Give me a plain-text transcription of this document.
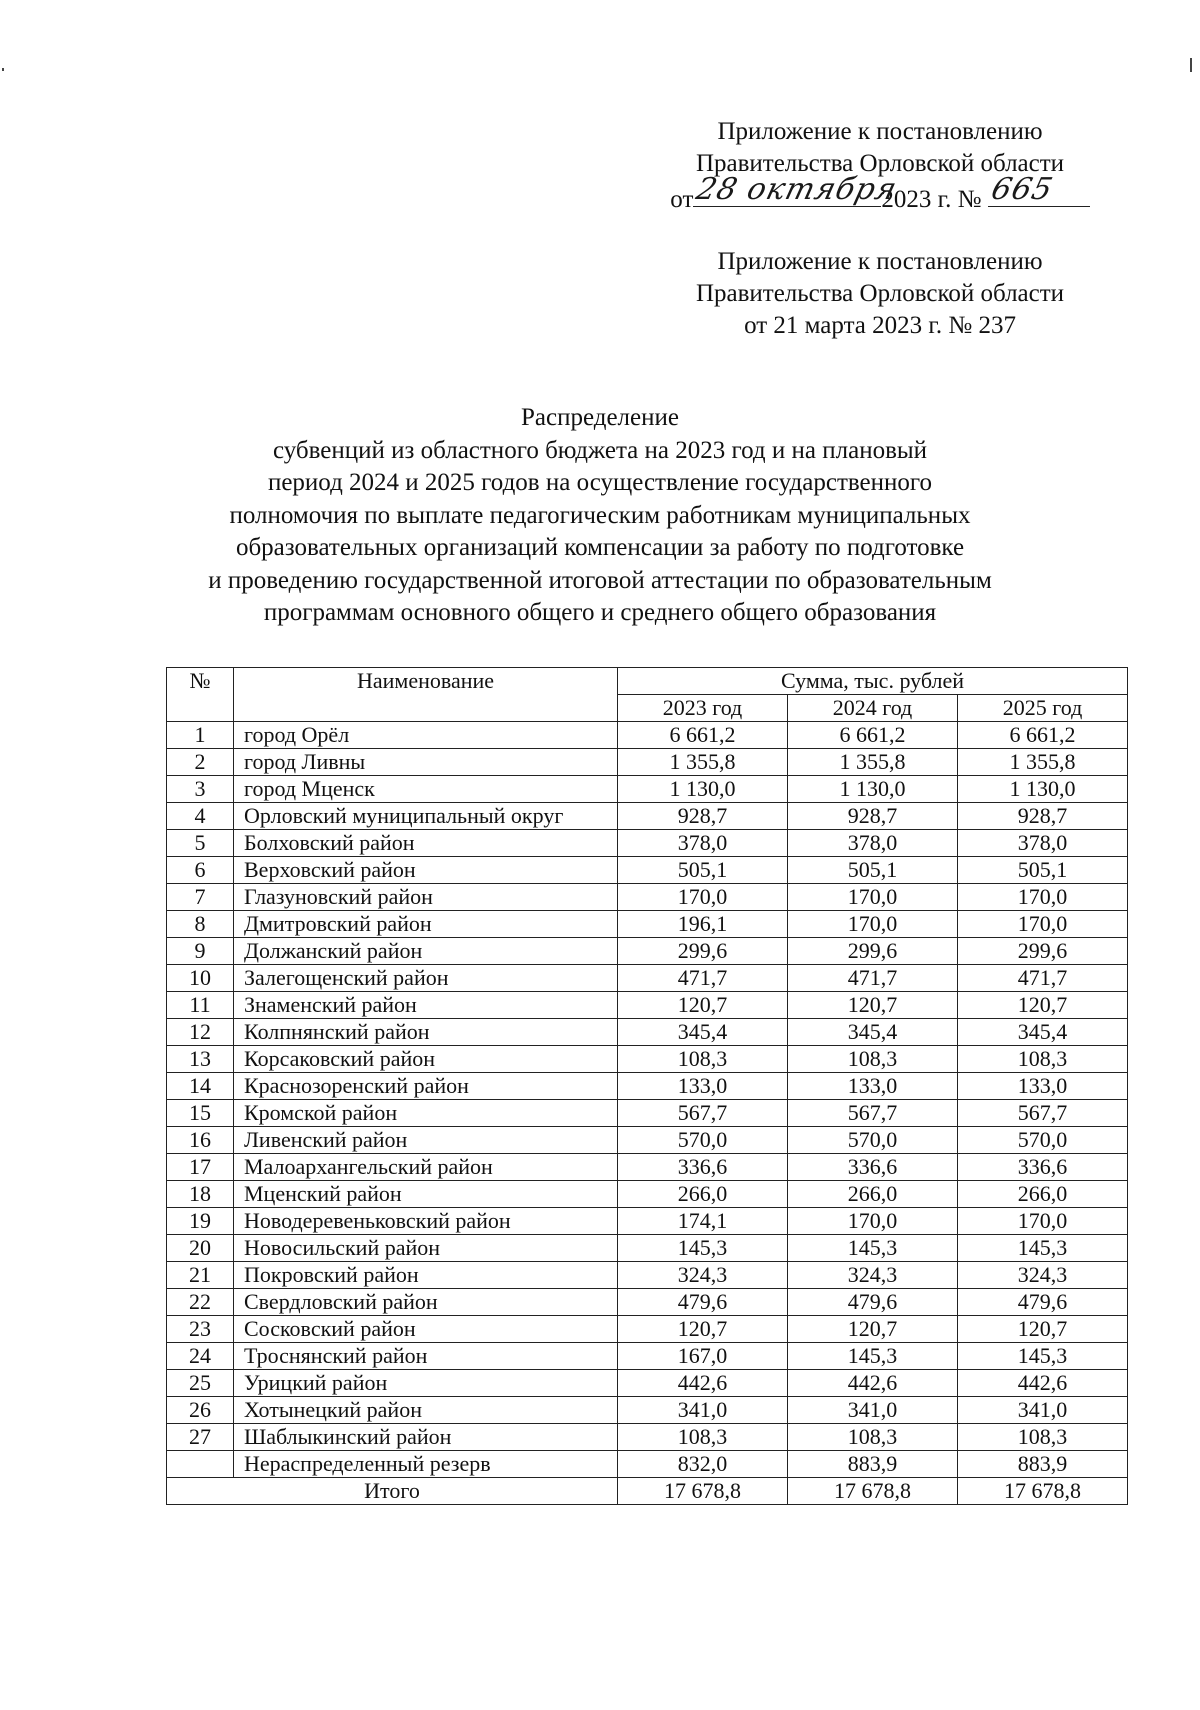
Приложение к постановлению
Правительства Орловской области
от 28 октября
2023 г. № 665
Приложение к постановлению
Правительства Орловской области
от 21 марта 2023 г. № 237
Распределение
субвенций из областного бюджета на 2023 год и на плановый
период 2024 и 2025 годов на осуществление государственного
полномочия по выплате педагогическим работникам муниципальных
образовательных организаций компенсации за работу по подготовке
и проведению государственной итоговой аттестации по образовательным
программам основного общего и среднего общего образования
№	Наименование	Сумма, тыс. рублей		
		2023 год	2024 год	2025 год
1	город Орёл	6 661,2	6 661,2	6 661,2
2	город Ливны	1 355,8	1 355,8	1 355,8
3	город Мценск	1 130,0	1 130,0	1 130,0
4	Орловский муниципальный округ	928,7	928,7	928,7
5	Болховский район	378,0	378,0	378,0
6	Верховский район	505,1	505,1	505,1
7	Глазуновский район	170,0	170,0	170,0
8	Дмитровский район	196,1	170,0	170,0
9	Должанский район	299,6	299,6	299,6
10	Залегощенский район	471,7	471,7	471,7
11	Знаменский район	120,7	120,7	120,7
12	Колпнянский район	345,4	345,4	345,4
13	Корсаковский район	108,3	108,3	108,3
14	Краснозоренский район	133,0	133,0	133,0
15	Кромской район	567,7	567,7	567,7
16	Ливенский район	570,0	570,0	570,0
17	Малоархангельский район	336,6	336,6	336,6
18	Мценский район	266,0	266,0	266,0
19	Новодеревеньковский район	174,1	170,0	170,0
20	Новосильский район	145,3	145,3	145,3
21	Покровский район	324,3	324,3	324,3
22	Свердловский район	479,6	479,6	479,6
23	Сосковский район	120,7	120,7	120,7
24	Троснянский район	167,0	145,3	145,3
25	Урицкий район	442,6	442,6	442,6
26	Хотынецкий район	341,0	341,0	341,0
27	Шаблыкинский район	108,3	108,3	108,3
	Нераспределенный резерв	832,0	883,9	883,9
Итого		17 678,8	17 678,8	17 678,8
